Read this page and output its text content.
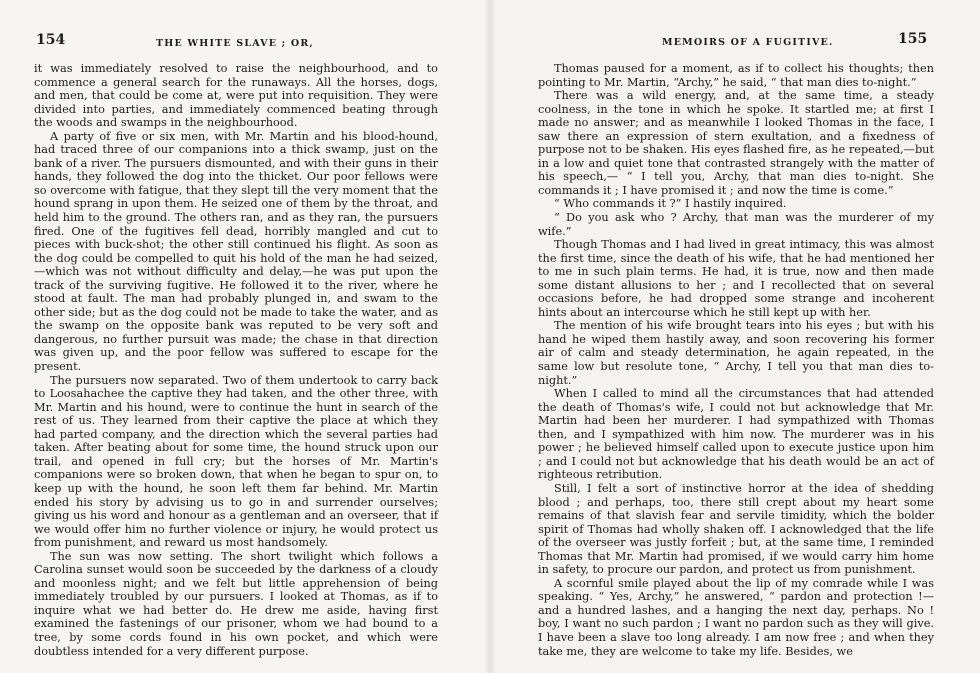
154	THE WHITE SLAVE ; OR,

it was immediately resolved to raise the neighbourhood, and to commence a general search for the runaways. All the horses, dogs, and men, that could be come at, were put into requisition. They were divided into parties, and immediately commenced beating through the woods and swamps in the neighbourhood.

A party of five or six men, with Mr. Martin and his blood-hound, had traced three of our companions into a thick swamp, just on the bank of a river. The pursuers dismounted, and with their guns in their hands, they followed the dog into the thicket. Our poor fellows were so overcome with fatigue, that they slept till the very moment that the hound sprang in upon them. He seized one of them by the throat, and held him to the ground. The others ran, and as they ran, the pursuers fired. One of the fugitives fell dead, horribly mangled and cut to pieces with buck-shot; the other still continued his flight. As soon as the dog could be compelled to quit his hold of the man he had seized,—which was not without difficulty and delay,—he was put upon the track of the surviving fugitive. He followed it to the river, where he stood at fault. The man had probably plunged in, and swam to the other side; but as the dog could not be made to take the water, and as the swamp on the opposite bank was reputed to be very soft and dangerous, no further pursuit was made; the chase in that direction was given up, and the poor fellow was suffered to escape for the present.

The pursuers now separated. Two of them undertook to carry back to Loosahachee the captive they had taken, and the other three, with Mr. Martin and his hound, were to continue the hunt in search of the rest of us. They learned from their captive the place at which they had parted company, and the direction which the several parties had taken. After beating about for some time, the hound struck upon our trail, and opened in full cry; but the horses of Mr. Martin's companions were so broken down, that when he began to spur on, to keep up with the hound, he soon left them far behind. Mr. Martin ended his story by advising us to go in and surrender ourselves; giving us his word and honour as a gentleman and an overseer, that if we would offer him no further violence or injury, he would protect us from punishment, and reward us most handsomely.

The sun was now setting. The short twilight which follows a Carolina sunset would soon be succeeded by the darkness of a cloudy and moonless night; and we felt but little apprehension of being immediately troubled by our pursuers. I looked at Thomas, as if to inquire what we had better do. He drew me aside, having first examined the fastenings of our prisoner, whom we had bound to a tree, by some cords found in his own pocket, and which were doubtless intended for a very different purpose.

MEMOIRS OF A FUGITIVE.	155

Thomas paused for a moment, as if to collect his thoughts; then pointing to Mr. Martin, “Archy,” he said, “ that man dies to-night.”

There was a wild energy, and, at the same time, a steady coolness, in the tone in which he spoke. It startled me; at first I made no answer; and as meanwhile I looked Thomas in the face, I saw there an expression of stern exultation, and a fixedness of purpose not to be shaken. His eyes flashed fire, as he repeated,—but in a low and quiet tone that contrasted strangely with the matter of his speech,— “ I tell you, Archy, that man dies to-night. She commands it ; I have promised it ; and now the time is come.”

“ Who commands it ?” I hastily inquired.

“ Do you ask who ? Archy, that man was the murderer of my wife.”

Though Thomas and I had lived in great intimacy, this was almost the first time, since the death of his wife, that he had mentioned her to me in such plain terms. He had, it is true, now and then made some distant allusions to her ; and I recollected that on several occasions before, he had dropped some strange and incoherent hints about an intercourse which he still kept up with her.

The mention of his wife brought tears into his eyes ; but with his hand he wiped them hastily away, and soon recovering his former air of calm and steady determination, he again repeated, in the same low but resolute tone, “ Archy, I tell you that man dies to-night.”

When I called to mind all the circumstances that had attended the death of Thomas's wife, I could not but acknowledge that Mr. Martin had been her murderer. I had sympathized with Thomas then, and I sympathized with him now. The murderer was in his power ; he believed himself called upon to execute justice upon him ; and I could not but acknowledge that his death would be an act of righteous retribution.

Still, I felt a sort of instinctive horror at the idea of shedding blood ; and perhaps, too, there still crept about my heart some remains of that slavish fear and servile timidity, which the bolder spirit of Thomas had wholly shaken off. I acknowledged that the life of the overseer was justly forfeit ; but, at the same time, I reminded Thomas that Mr. Martin had promised, if we would carry him home in safety, to procure our pardon, and protect us from punishment.

A scornful smile played about the lip of my comrade while I was speaking. “ Yes, Archy,” he answered, “ pardon and protection !— and a hundred lashes, and a hanging the next day, perhaps. No ! boy, I want no such pardon ; I want no pardon such as they will give. I have been a slave too long already. I am now free ; and when they take me, they are welcome to take my life. Besides, we
